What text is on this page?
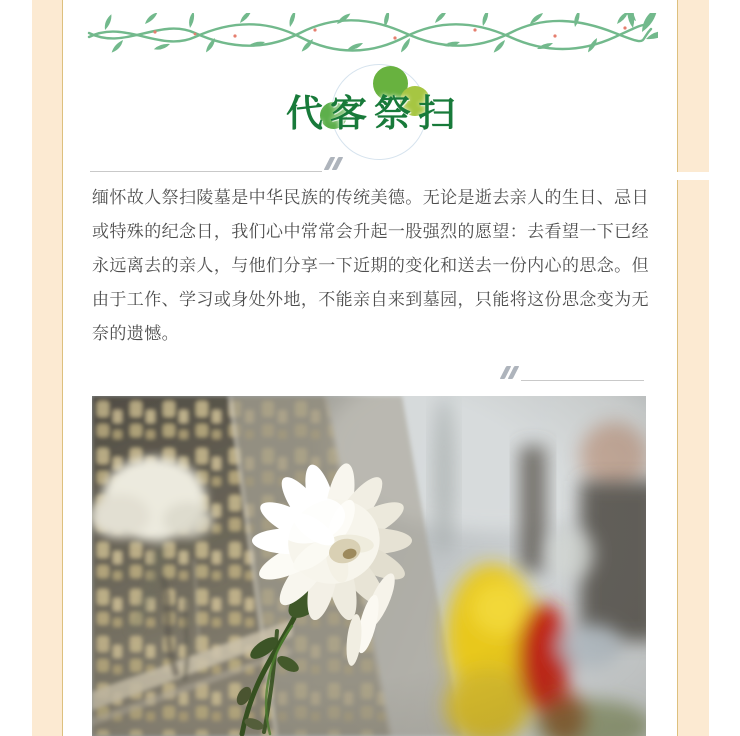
代客祭扫

缅怀故人祭扫陵墓是中华民族的传统美德。无论是逝去亲人的生日、忌日或特殊的纪念日，我们心中常常会升起一股强烈的愿望：去看望一下已经永远离去的亲人，与他们分享一下近期的变化和送去一份内心的思念。但由于工作、学习或身处外地，不能亲自来到墓园，只能将这份思念变为无奈的遗憾。
